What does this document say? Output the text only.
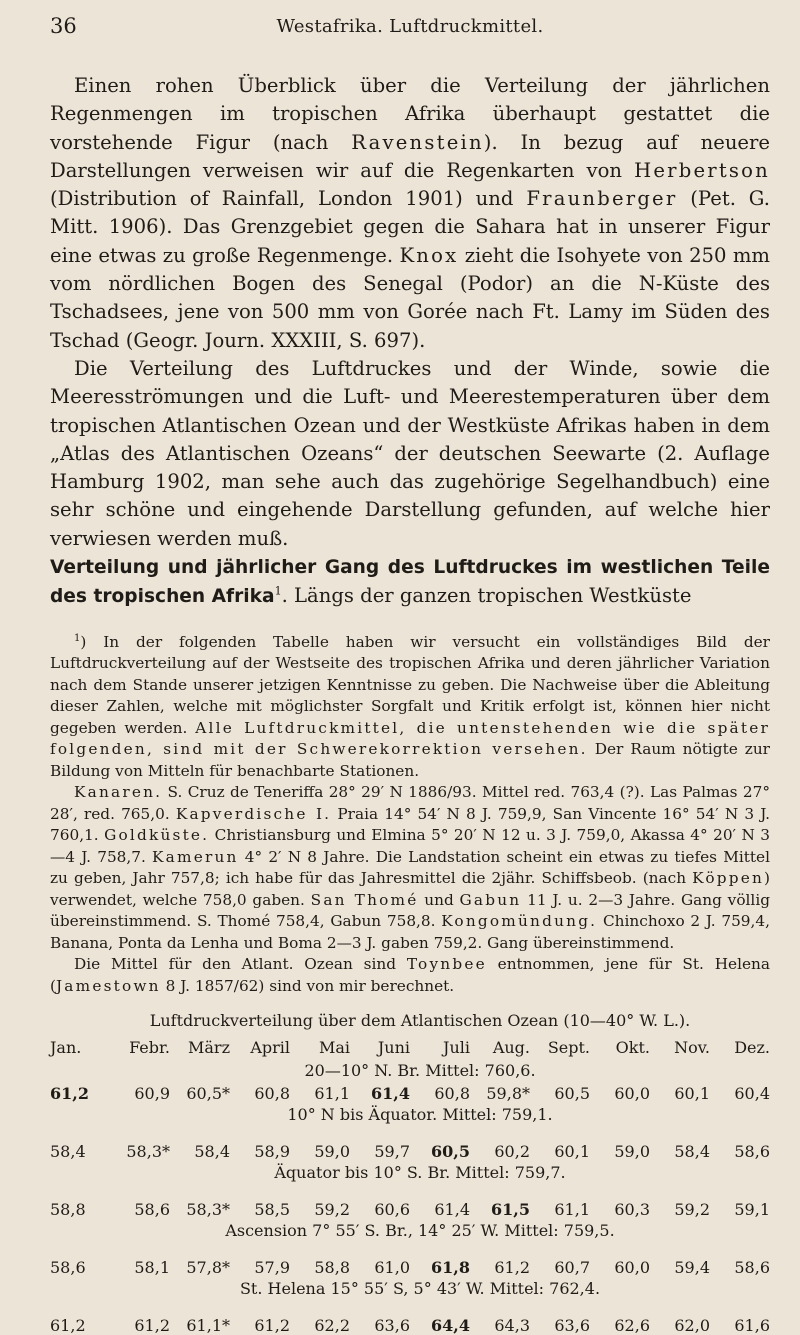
36	Westafrika. Luftdruckmittel.

Einen rohen Überblick über die Verteilung der jährlichen Regenmengen im tropischen Afrika überhaupt gestattet die vorstehende Figur (nach Ravenstein). In bezug auf neuere Darstellungen verweisen wir auf die Regenkarten von Herbertson (Distribution of Rainfall, London 1901) und Fraunberger (Pet. G. Mitt. 1906). Das Grenzgebiet gegen die Sahara hat in unserer Figur eine etwas zu große Regenmenge. Knox zieht die Isohyete von 250 mm vom nördlichen Bogen des Senegal (Podor) an die N-Küste des Tschadsees, jene von 500 mm von Gorée nach Ft. Lamy im Süden des Tschad (Geogr. Journ. XXXIII, S. 697).

Die Verteilung des Luftdruckes und der Winde, sowie die Meeresströmungen und die Luft- und Meerestemperaturen über dem tropischen Atlantischen Ozean und der Westküste Afrikas haben in dem „Atlas des Atlantischen Ozeans“ der deutschen Seewarte (2. Auflage Hamburg 1902, man sehe auch das zugehörige Segelhandbuch) eine sehr schöne und eingehende Darstellung gefunden, auf welche hier verwiesen werden muß.

Verteilung und jährlicher Gang des Luftdruckes im westlichen Teile des tropischen Afrika$^1$. Längs der ganzen tropischen Westküste

$^1$) In der folgenden Tabelle haben wir versucht ein vollständiges Bild der Luftdruckverteilung auf der Westseite des tropischen Afrika und deren jährlicher Variation nach dem Stande unserer jetzigen Kenntnisse zu geben. Die Nachweise über die Ableitung dieser Zahlen, welche mit möglichster Sorgfalt und Kritik erfolgt ist, können hier nicht gegeben werden. Alle Luftdruckmittel, die untenstehenden wie die später folgenden, sind mit der Schwerekorrektion versehen. Der Raum nötigte zur Bildung von Mitteln für benachbarte Stationen.

Kanaren. S. Cruz de Teneriffa 28° 29′ N 1886/93. Mittel red. 763,4 (?). Las Palmas 27° 28′, red. 765,0. Kapverdische I. Praia 14° 54′ N 8 J. 759,9, San Vincente 16° 54′ N 3 J. 760,1. Goldküste. Christiansburg und Elmina 5° 20′ N 12 u. 3 J. 759,0, Akassa 4° 20′ N 3—4 J. 758,7. Kamerun 4° 2′ N 8 Jahre. Die Landstation scheint ein etwas zu tiefes Mittel zu geben, Jahr 757,8; ich habe für das Jahresmittel die 2jähr. Schiffsbeob. (nach Köppen) verwendet, welche 758,0 gaben. San Thomé und Gabun 11 J. u. 2—3 Jahre. Gang völlig übereinstimmend. S. Thomé 758,4, Gabun 758,8. Kongomündung. Chinchoxo 2 J. 759,4, Banana, Ponta da Lenha und Boma 2—3 J. gaben 759,2. Gang übereinstimmend.

Die Mittel für den Atlant. Ozean sind Toynbee entnommen, jene für St. Helena (Jamestown 8 J. 1857/62) sind von mir berechnet.

Luftdruckverteilung über dem Atlantischen Ozean (10—40° W. L.).
Jan.	Febr.	März	April	Mai	Juni	Juli	Aug.	Sept.	Okt.	Nov.	Dez.
20—10° N. Br. Mittel: 760,6.
61,2	60,9	60,5*	60,8	61,1	61,4	60,8	59,8*	60,5	60,0	60,1	60,4
10° N bis Äquator. Mittel: 759,1.
58,4	58,3*	58,4	58,9	59,0	59,7	60,5	60,2	60,1	59,0	58,4	58,6
Äquator bis 10° S. Br. Mittel: 759,7.
58,8	58,6	58,3*	58,5	59,2	60,6	61,4	61,5	61,1	60,3	59,2	59,1
Ascension 7° 55′ S. Br., 14° 25′ W. Mittel: 759,5.
58,6	58,1	57,8*	57,9	58,8	61,0	61,8	61,2	60,7	60,0	59,4	58,6
St. Helena 15° 55′ S, 5° 43′ W. Mittel: 762,4.
61,2	61,2	61,1*	61,2	62,2	63,6	64,4	64,3	63,6	62,6	62,0	61,6
